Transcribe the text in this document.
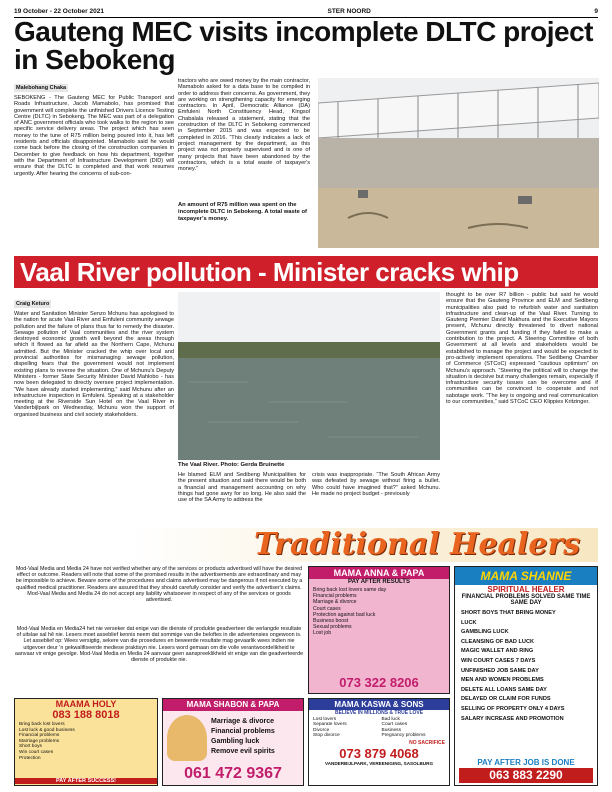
19 October - 22 October 2021	STER NOORD	9
Gauteng MEC visits incomplete DLTC project in Sebokeng
Malebohang Chaka
SEBOKENG - The Gauteng MEC for Public Transport and Roads Infrastructure, Jacob Mamabolo, has promised that government will complete the unfinished Drivers Licence Testing Centre (DLTC) in Sebokeng. The MEC was part of a delegation of ANC government officials who took walks to the region to see specific service delivery areas. The project which has seen money to the tune of R75 million being poured into it, has left residents and officials disappointed. Mamabolo said he would come back before the closing of the construction companies in December to give feedback on how his department, together with the Department of Infrastructure Development (DID) will ensure that the DLTC is completed and that work resumes urgently. After hearing the concerns of sub-con-
tractors who are owed money by the main contractor, Mamabolo asked for a data base to be compiled in order to address their concerns. As government, they are working on strengthening capacity for emerging contractors. In April, Democratic Alliance (DA) Emfuleni North Constituency Head, Kingsol Chabalala released a statement, stating that the construction of the DLTC in Sebokeng commenced in September 2015 and was expected to be completed in 2016. “This clearly indicates a lack of project management by the department, as this project was not properly supervised and is one of many projects that have been abandoned by the contractors, which is a total waste of taxpayer's money.”
An amount of R75 million was spent on the incomplete DLTC in Sebokeng. A total waste of taxpayer’s money.
Vaal River pollution - Minister cracks whip
Craig Keturo
Water and Sanitation Minister Senzo Mchunu has apologised to the nation for acute Vaal River and Emfuleni community sewage pollution and the failure of plans thus far to remedy the disaster. Sewage pollution of Vaal communities and the river system destroyed economic growth well beyond the areas through which it flowed as far afield as the Northern Cape, Mchunu admitted. But the Minister cracked the whip over local and provincial authorities for mismanaging sewage pollution, dispelling fears that the government would not implement existing plans to reverse the situation. One of Mchunu's Deputy Ministers - former State Security Minister David Mahlobo - has now been delegated to directly oversee project implementation. “We have already started implementing,” said Mchunu after an infrastructure inspection in Emfuleni. Speaking at a stakeholder meeting at the Riverside Sun Hotel on the Vaal River in Vanderbijlpark on Wednesday, Mchunu won the support of organised business and civil society stakeholders.
The Vaal River. Photo: Gerda Bruinette
He blamed ELM and Sedibeng Municipalities for the present situation and said there would be both a financial and management accounting on why things had gone awry for so long. He also said the use of the SA Army to address the
crisis was inappropriate. “The South African Army was defeated by sewage without firing a bullet. Who could have imagined that?” asked Mchunu. He made no project budget - previously
thought to be over R7 billion - public but said he would ensure that the Gauteng Province and ELM and Sedibeng municipalities also paid to refurbish water and sanitation infrastructure and clean-up of the Vaal River. Turning to Gauteng Premier David Makhura and the Executive Mayors present, Mchunu directly threatened to divert national Government grants and funding if they failed to make a contribution to the project. A Steering Committee of both Government at all levels and stakeholders would be established to manage the project and would be expected to pro-actively implement operations. The Sedibeng Chamber of Commerce (STCoC) expressed “cautious optimism” on Mchunu's approach. “Steering the political will to change the situation is decisive but many challenges remain, especially if infrastructure security issues can be overcome and if communities can be convinced to cooperate and not sabotage work. “The key is ongoing and real communication to our communities,” said STCoC CEO Klippies Kritzinger.
Traditional Healers
Mod-Vaal Media and Media 24 have not verified whether any of the services or products advertised will have the desired effect or outcome. Readers will note that some of the promised results in the advertisements are extraordinary and may be impossible to achieve. Beware some of the procedures and claims advertised may be dangerous if not executed by a qualified medical practitioner. Readers are assured that they should carefully consider and verify the advertiser's claims. Mod-Vaal Media and Media 24 do not accept any liability whatsoever in respect of any of the services or goods advertised.
Mod-Vaal Media en Media24 het nie verseker dat enige van die dienste of produkte geadverteer die verlangde resultate of uitslae sal hê nie. Lesers moet asseblief kennis neem dat sommige van die beloftes in die advertensies ongewoon is. Let asseblief op: Wees versigtig, sekere van die prosedures en beweerde resultate mag gevaarlik wees indien nie uitgevoer deur 'n gekwalifiseerde mediese praktisyn nie. Lesers word gemaan om die volle verantwoordelikheid te aanvaar vir enige gevolge. Mod-Vaal Media en Media 24 aanvaar geen aanspreeklikheid vir enige van die geadverteerde dienste of produkte nie.
MAMA ANNA & PAPA
PAY AFTER RESULTS
Bring back lost lovers same day
Financial problems
Marriage & divorce
Court cases
Protection against bad luck
Business boost
Sexual problems
Lost job
073 322 8206
MAMA SHANNE
SPIRITUAL HEALER
FINANCIAL PROBLEMS SOLVED SAME TIME SAME DAY
SHORT BOYS THAT BRING MONEY
LUCK
GAMBLING LUCK
CLEANSING OF BAD LUCK
MAGIC WALLET AND RING
WIN COURT CASES 7 DAYS
UNFINISHED JOB SAME DAY
MEN AND WOMEN PROBLEMS
DELETE ALL LOANS SAME DAY
DELAYED OR CLAIM FOR FUNDS
SELLING OF PROPERTY ONLY 4 DAYS
SALARY INCREASE AND PROMOTION
PAY AFTER JOB IS DONE
063 883 2290
MAAMA HOLY
083 188 8018
Bring back lost lovers
Lost luck & good business
Financial problems
Marriage problems
Short boys
Win court cases
Protection
PAY AFTER SUCCESS!
MAMA SHABON & PAPA
Marriage & divorce
Financial problems
Gambling luck
Remove evil spirits
061 472 9367
MAMA KASWA & SONS
BELIEVE IN MILLIONS & TRUE LOVE
Lost lovers
Separate lovers
Divorce
Stop divorce
Bad luck
Court cases
Business
Pregnancy problems
NO SACRIFICE
073 879 4068
VANDERBIJLPARK, VEREENIGING, SASOLBURG
